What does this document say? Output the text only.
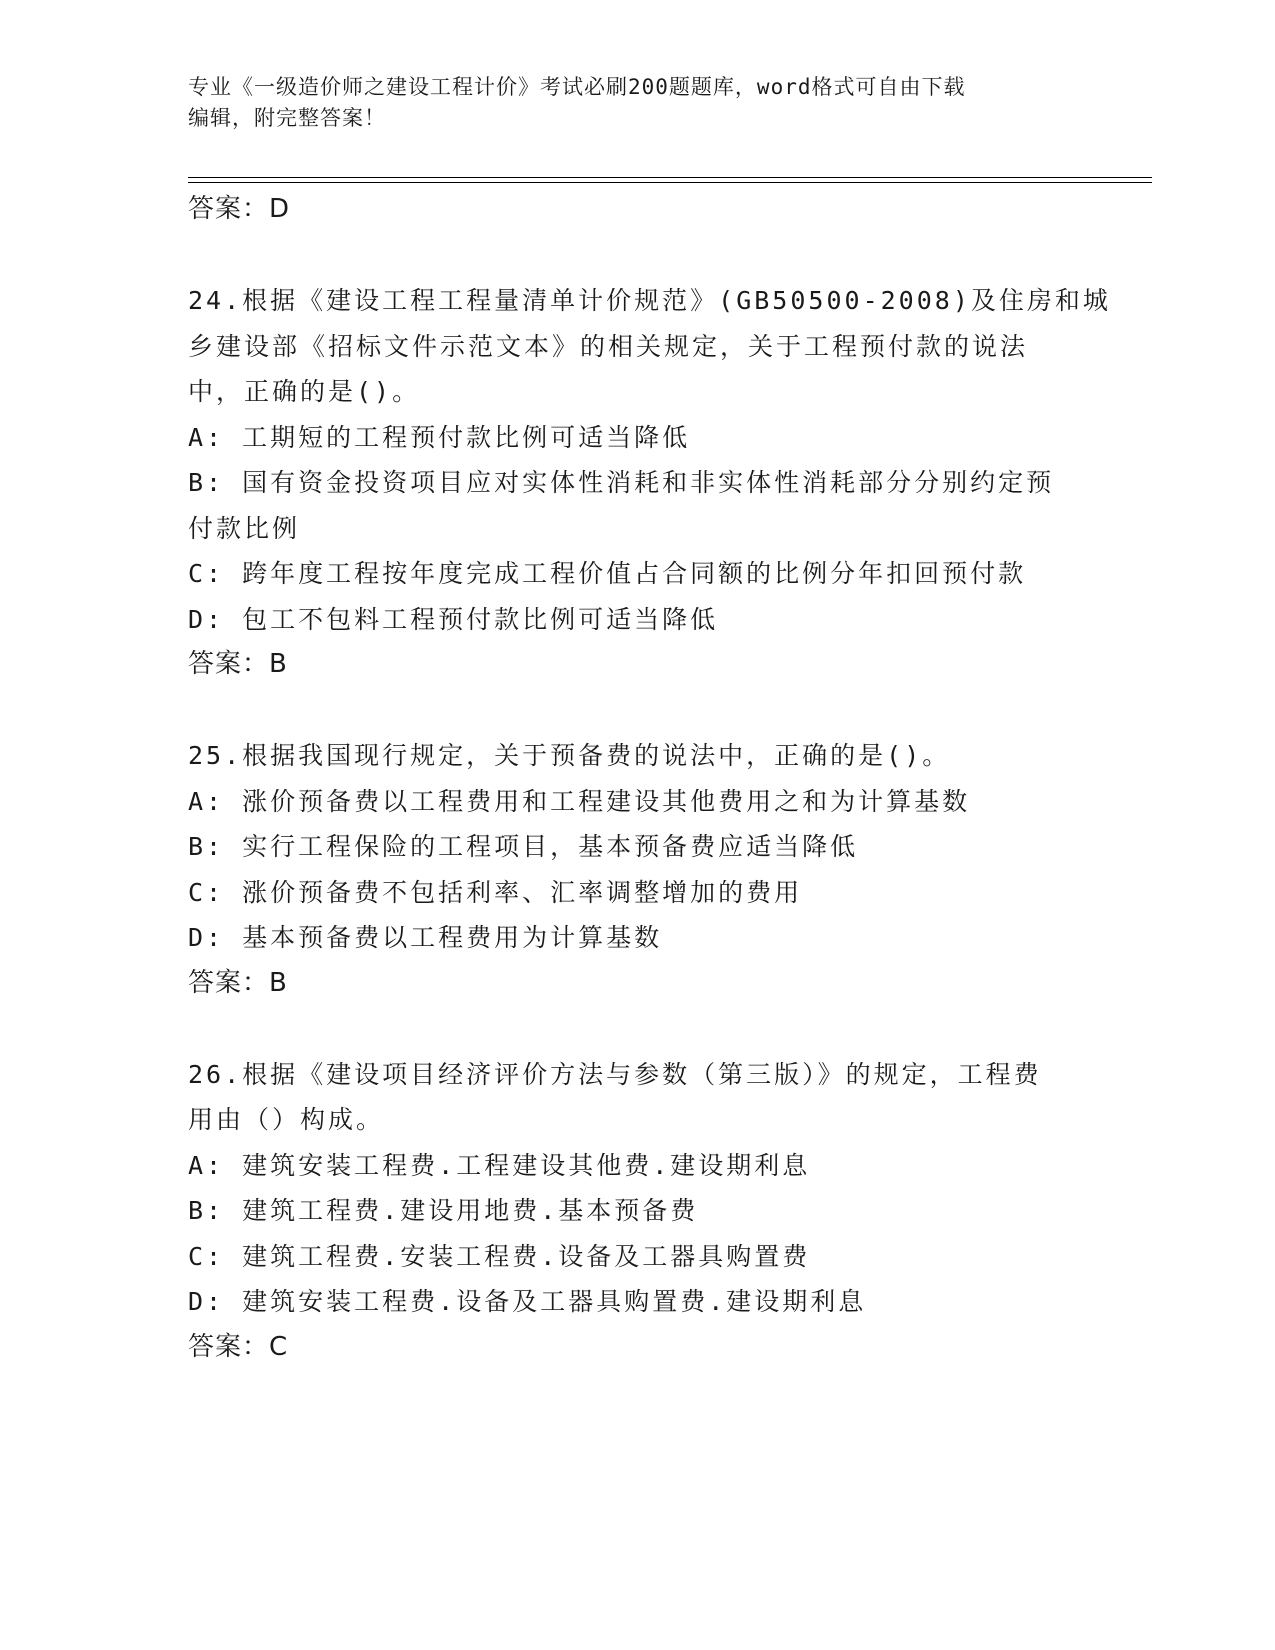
专业《一级造价师之建设工程计价》考试必刷200题题库，word格式可自由下载
编辑，附完整答案！

答案：D

24.根据《建设工程工程量清单计价规范》(GB50500-2008)及住房和城

乡建设部《招标文件示范文本》的相关规定，关于工程预付款的说法

中，正确的是()。

A: 工期短的工程预付款比例可适当降低

B: 国有资金投资项目应对实体性消耗和非实体性消耗部分分别约定预

付款比例

C: 跨年度工程按年度完成工程价值占合同额的比例分年扣回预付款

D: 包工不包料工程预付款比例可适当降低

答案：B

25.根据我国现行规定，关于预备费的说法中，正确的是()。

A: 涨价预备费以工程费用和工程建设其他费用之和为计算基数

B: 实行工程保险的工程项目，基本预备费应适当降低

C: 涨价预备费不包括利率、汇率调整增加的费用

D: 基本预备费以工程费用为计算基数

答案：B

26.根据《建设项目经济评价方法与参数（第三版）》的规定，工程费

用由（）构成。

A: 建筑安装工程费.工程建设其他费.建设期利息

B: 建筑工程费.建设用地费.基本预备费

C: 建筑工程费.安装工程费.设备及工器具购置费

D: 建筑安装工程费.设备及工器具购置费.建设期利息

答案：C
